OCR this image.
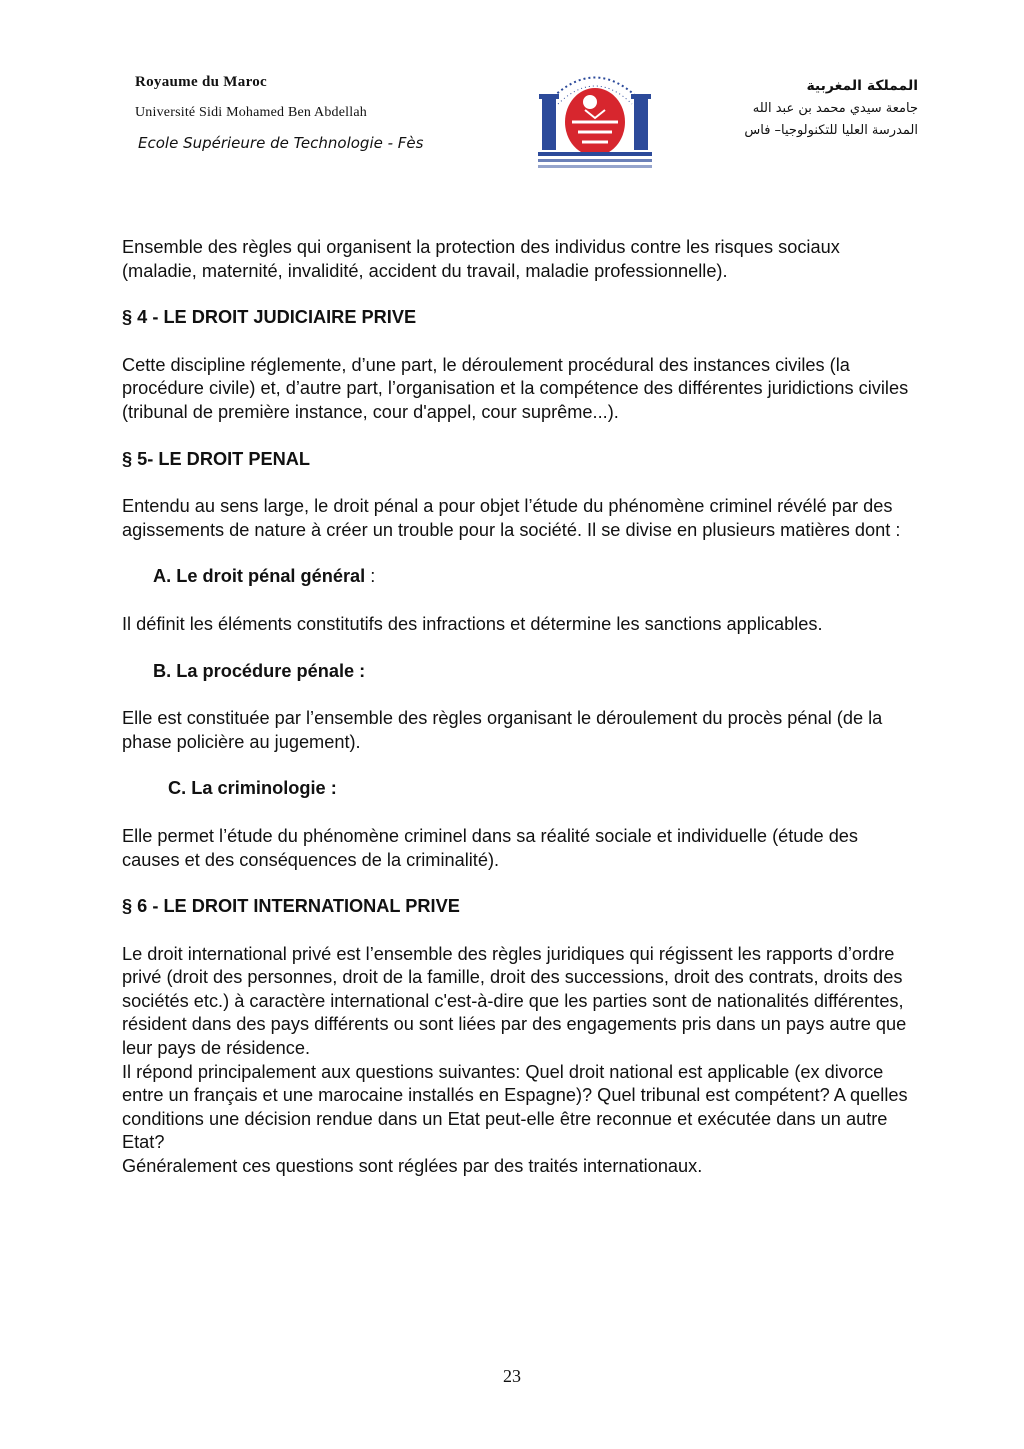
Royaume du Maroc
Université Sidi Mohamed Ben Abdellah
Ecole Supérieure de Technologie - Fès
المملكة المغربية
جامعة سيدي محمد بن عبد الله
المدرسة العليا للتكنولوجيا– فاس

Ensemble des règles qui organisent la protection des individus contre les risques sociaux (maladie, maternité, invalidité, accident du travail, maladie professionnelle).

§ 4 - LE DROIT JUDICIAIRE PRIVE

Cette discipline réglemente, d’une part, le déroulement procédural des instances civiles (la procédure civile) et, d’autre part, l’organisation et la compétence des différentes juridictions civiles (tribunal de première instance, cour d'appel, cour suprême...).

§ 5- LE DROIT PENAL

Entendu au sens large, le droit pénal a pour objet l’étude du phénomène criminel révélé par des agissements de nature à créer un trouble pour la société. Il se divise en plusieurs matières dont :

A. Le droit pénal général :

Il définit les éléments constitutifs des infractions et détermine les sanctions applicables.

B. La procédure pénale :

Elle est constituée par l’ensemble des règles organisant le déroulement du procès pénal (de la phase policière au jugement).

C. La criminologie :

Elle permet l’étude du phénomène criminel dans sa réalité sociale et individuelle (étude des causes et des conséquences de la criminalité).

§ 6 - LE DROIT INTERNATIONAL PRIVE

Le droit international privé est l’ensemble des règles juridiques qui régissent les rapports d’ordre privé (droit des personnes, droit de la famille, droit des successions, droit des contrats, droits des sociétés etc.) à caractère international c'est-à-dire que les parties sont de nationalités différentes, résident dans des pays différents ou sont liées par des engagements pris dans un pays autre que leur pays de résidence.

Il répond principalement aux questions suivantes: Quel droit national est applicable (ex divorce entre un français et une marocaine installés en Espagne)? Quel tribunal est compétent? A quelles conditions une décision rendue dans un Etat peut-elle être reconnue et exécutée dans un autre Etat?

Généralement ces questions sont réglées par des traités internationaux.

23
